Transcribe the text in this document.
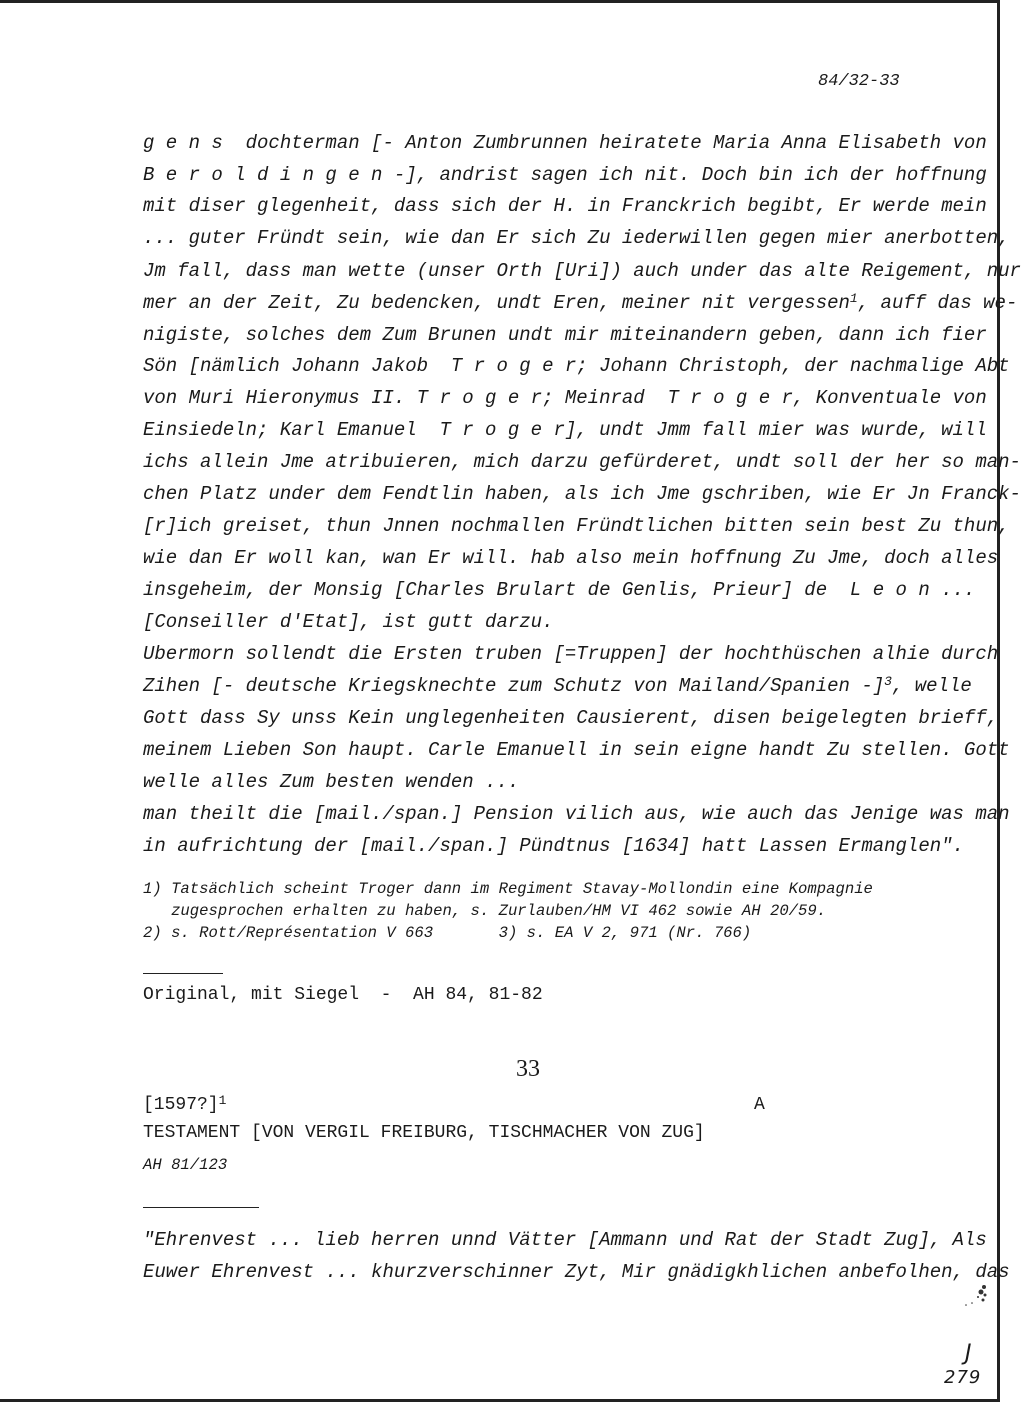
84/32-33
g e n s  dochterman [- Anton Zumbrunnen heiratete Maria Anna Elisabeth von
B e r o l d i n g e n -], andrist sagen ich nit. Doch bin ich der hoffnung
mit diser glegenheit, dass sich der H. in Franckrich begibt, Er werde mein
... guter Fründt sein, wie dan Er sich Zu iederwillen gegen mier anerbotten,
Jm fall, dass man wette (unser Orth [Uri]) auch under das alte Reigement, nur
mer an der Zeit, Zu bedencken, undt Eren, meiner nit vergessen$^1$, auff das we-
nigiste, solches dem Zum Brunen undt mir miteinandern geben, dann ich fier
Sön [nämlich Johann Jakob  T r o g e r; Johann Christoph, der nachmalige Abt
von Muri Hieronymus II. T r o g e r; Meinrad  T r o g e r, Konventuale von
Einsiedeln; Karl Emanuel  T r o g e r], undt Jmm fall mier was wurde, will
ichs allein Jme atribuieren, mich darzu gefürderet, undt soll der her so man-
chen Platz under dem Fendtlin haben, als ich Jme gschriben, wie Er Jn Franck-
[r]ich greiset, thun Jnnen nochmallen Fründtlichen bitten sein best Zu thun,
wie dan Er woll kan, wan Er will. hab also mein hoffnung Zu Jme, doch alles
insgeheim, der Monsig [Charles Brulart de Genlis, Prieur] de  L e o n ...
[Conseiller d'Etat], ist gutt darzu.
Ubermorn sollendt die Ersten truben [=Truppen] der hochthüschen alhie durch
Zihen [- deutsche Kriegsknechte zum Schutz von Mailand/Spanien -]$^3$, welle
Gott dass Sy unss Kein unglegenheiten Causierent, disen beigelegten brieff,
meinem Lieben Son haupt. Carle Emanuell in sein eigne handt Zu stellen. Gott
welle alles Zum besten wenden ...
man theilt die [mail./span.] Pension vilich aus, wie auch das Jenige was man
in aufrichtung der [mail./span.] Pündtnus [1634] hatt Lassen Ermanglen".
1) Tatsächlich scheint Troger dann im Regiment Stavay-Mollondin eine Kompagnie
zugesprochen erhalten zu haben, s. Zurlauben/HM VI 462 sowie AH 20/59.
2) s. Rott/Représentation V 663       3) s. EA V 2, 971 (Nr. 766)
Original, mit Siegel  -  AH 84, 81-82
33
[1597?]$^1$	A
TESTAMENT [VON VERGIL FREIBURG, TISCHMACHER VON ZUG]
AH 81/123
"Ehrenvest ... lieb herren unnd Vätter [Ammann und Rat der Stadt Zug], Als
Euwer Ehrenvest ... khurzverschinner Zyt, Mir gnädigkhlichen anbefolhen, das
J
279
